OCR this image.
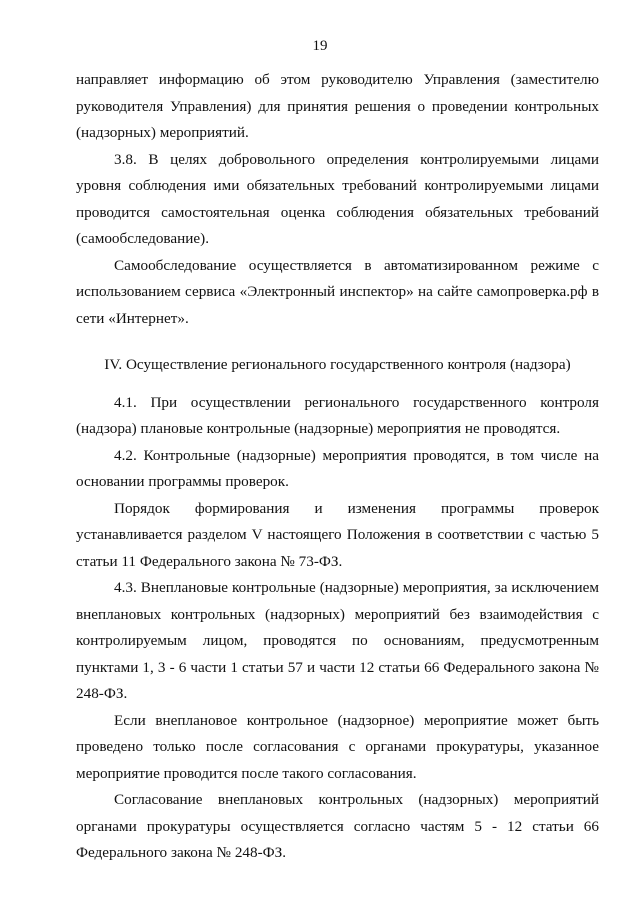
19

направляет информацию об этом руководителю Управления (заместителю руководителя Управления) для принятия решения о проведении контрольных (надзорных) мероприятий.

3.8. В целях добровольного определения контролируемыми лицами уровня соблюдения ими обязательных требований контролируемыми лицами проводится самостоятельная оценка соблюдения обязательных требований (самообследование).

Самообследование осуществляется в автоматизированном режиме с использованием сервиса «Электронный инспектор» на сайте самопроверка.рф в сети «Интернет».

IV. Осуществление регионального государственного контроля (надзора)

4.1. При осуществлении регионального государственного контроля (надзора) плановые контрольные (надзорные) мероприятия не проводятся.

4.2. Контрольные (надзорные) мероприятия проводятся, в том числе на основании программы проверок.

Порядок формирования и изменения программы проверок устанавливается разделом V настоящего Положения в соответствии с частью 5 статьи 11 Федерального закона № 73-ФЗ.

4.3. Внеплановые контрольные (надзорные) мероприятия, за исключением внеплановых контрольных (надзорных) мероприятий без взаимодействия с контролируемым лицом, проводятся по основаниям, предусмотренным пунктами 1, 3 - 6 части 1 статьи 57 и части 12 статьи 66 Федерального закона № 248-ФЗ.

Если внеплановое контрольное (надзорное) мероприятие может быть проведено только после согласования с органами прокуратуры, указанное мероприятие проводится после такого согласования.

Согласование внеплановых контрольных (надзорных) мероприятий органами прокуратуры осуществляется согласно частям 5 - 12 статьи 66 Федерального закона № 248-ФЗ.
